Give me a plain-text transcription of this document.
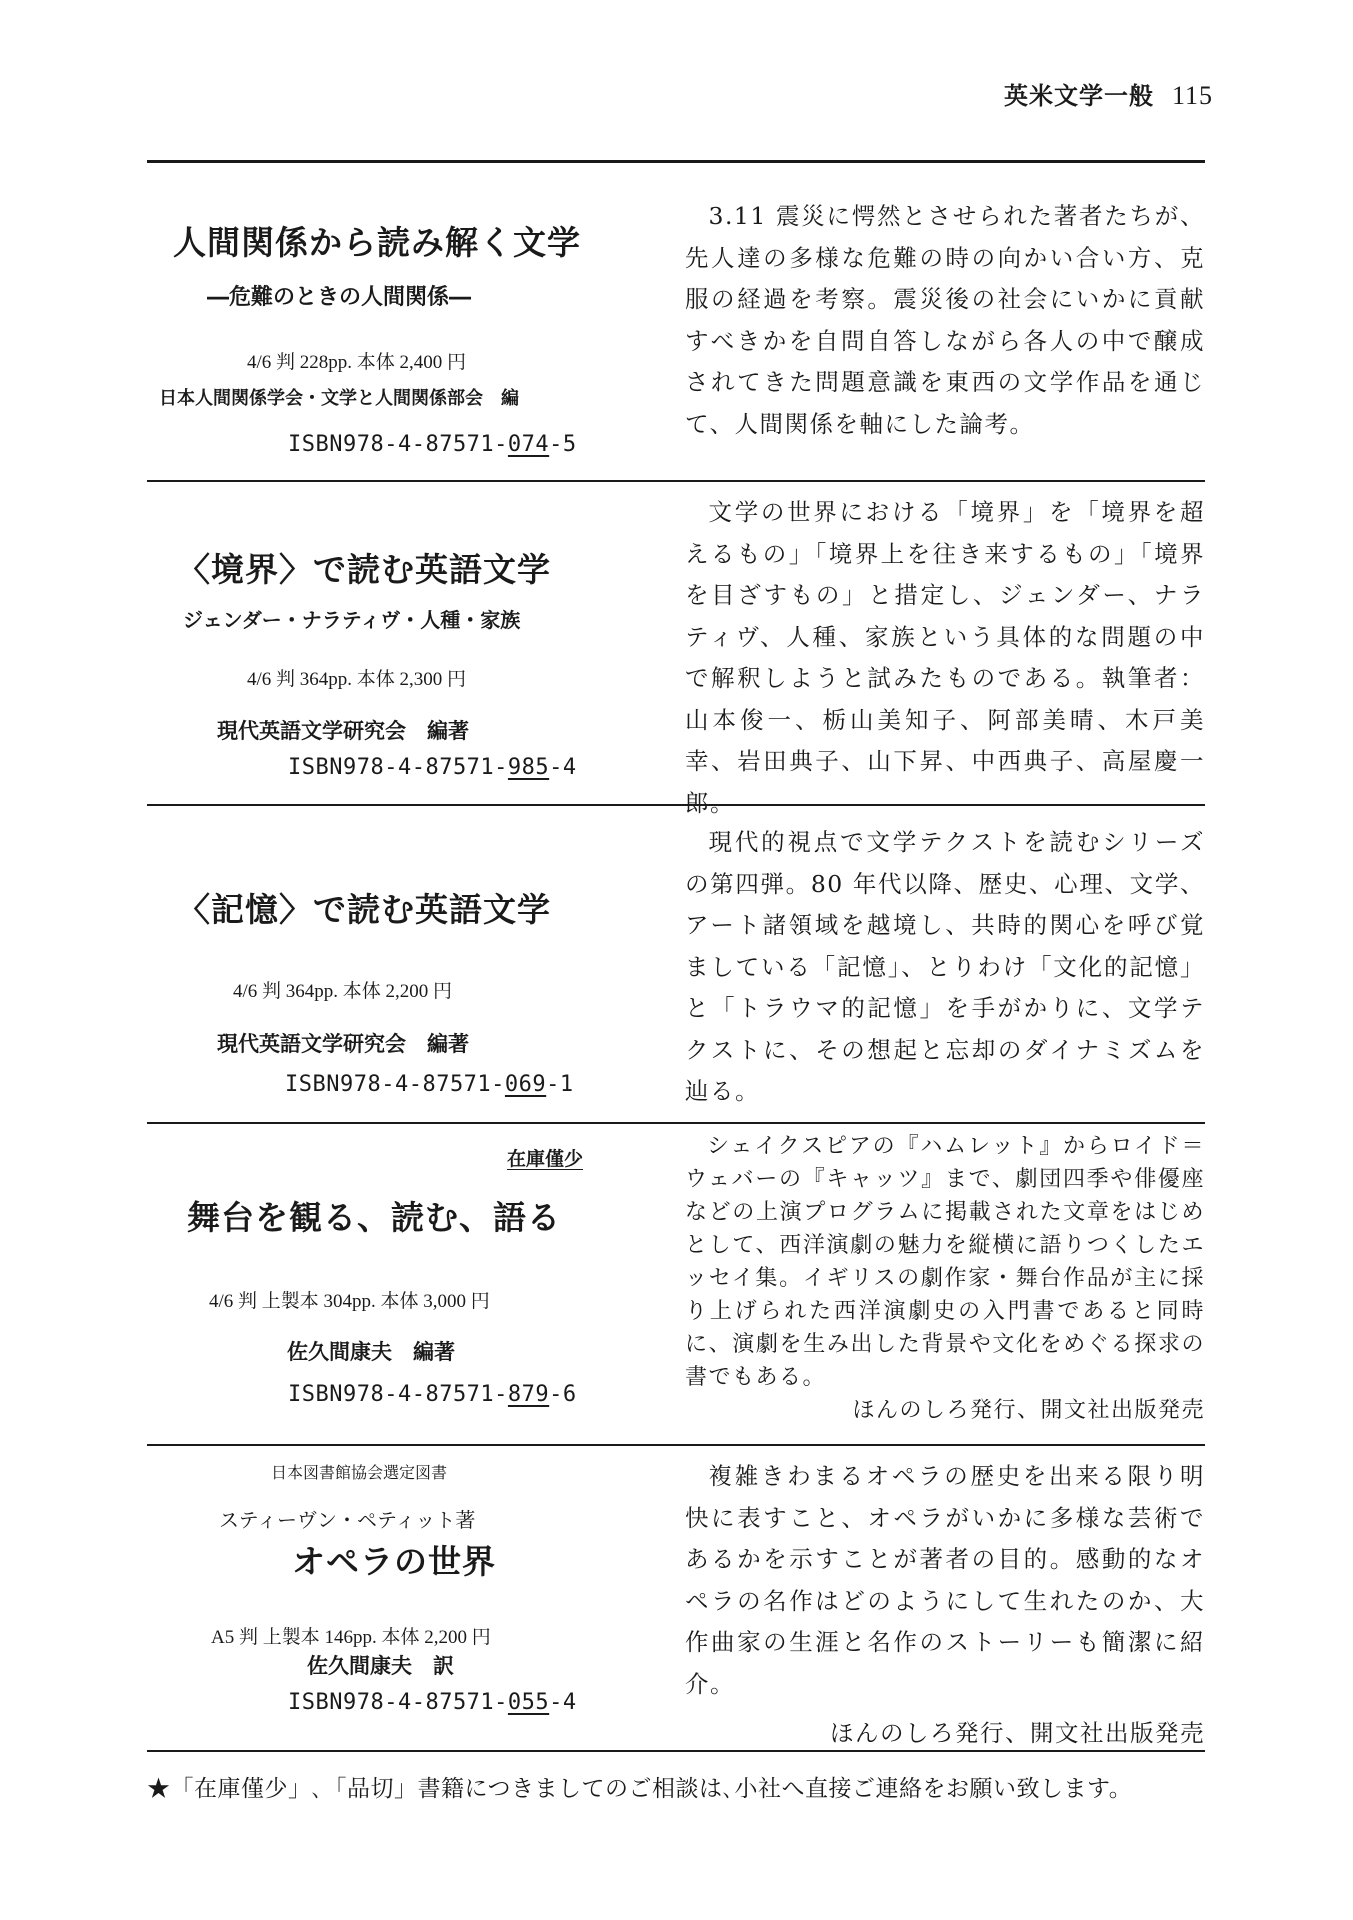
英米文学一般 115
人間関係から読み解く文学
―危難のときの人間関係―
4/6 判 228pp. 本体 2,400 円
日本人間関係学会・文学と人間関係部会　編
ISBN978-4-87571-074-5

3.11 震災に愕然とさせられた著者たちが、先人達の多様な危難の時の向かい合い方、克服の経過を考察。震災後の社会にいかに貢献すべきかを自問自答しながら各人の中で醸成されてきた問題意識を東西の文学作品を通じて、人間関係を軸にした論考。

〈境界〉で読む英語文学
ジェンダー・ナラティヴ・人種・家族
4/6 判 364pp. 本体 2,300 円
現代英語文学研究会　編著
ISBN978-4-87571-985-4

文学の世界における「境界」を「境界を超えるもの」「境界上を往き来するもの」「境界を目ざすもの」と措定し、ジェンダー、ナラティヴ、人種、家族という具体的な問題の中で解釈しようと試みたものである。執筆者：山本俊一、栃山美知子、阿部美晴、木戸美幸、岩田典子、山下昇、中西典子、高屋慶一郎。

〈記憶〉で読む英語文学
4/6 判 364pp. 本体 2,200 円
現代英語文学研究会　編著
ISBN978-4-87571-069-1

現代的視点で文学テクストを読むシリーズの第四弾。80 年代以降、歴史、心理、文学、アート諸領域を越境し、共時的関心を呼び覚ましている「記憶」、とりわけ「文化的記憶」と「トラウマ的記憶」を手がかりに、文学テクストに、その想起と忘却のダイナミズムを辿る。

在庫僅少
舞台を観る、読む、語る
4/6 判 上製本 304pp. 本体 3,000 円
佐久間康夫　編著
ISBN978-4-87571-879-6

シェイクスピアの『ハムレット』からロイド＝ウェバーの『キャッツ』まで、劇団四季や俳優座などの上演プログラムに掲載された文章をはじめとして、西洋演劇の魅力を縦横に語りつくしたエッセイ集。イギリスの劇作家・舞台作品が主に採り上げられた西洋演劇史の入門書であると同時に、演劇を生み出した背景や文化をめぐる探求の書でもある。

ほんのしろ発行、開文社出版発売

日本図書館協会選定図書
スティーヴン・ペティット著
オペラの世界
A5 判 上製本 146pp. 本体 2,200 円
佐久間康夫　訳
ISBN978-4-87571-055-4

複雑きわまるオペラの歴史を出来る限り明快に表すこと、オペラがいかに多様な芸術であるかを示すことが著者の目的。感動的なオペラの名作はどのようにして生れたのか、大作曲家の生涯と名作のストーリーも簡潔に紹介。

ほんのしろ発行、開文社出版発売

★「在庫僅少」､「品切」書籍につきましてのご相談は､小社へ直接ご連絡をお願い致します。
